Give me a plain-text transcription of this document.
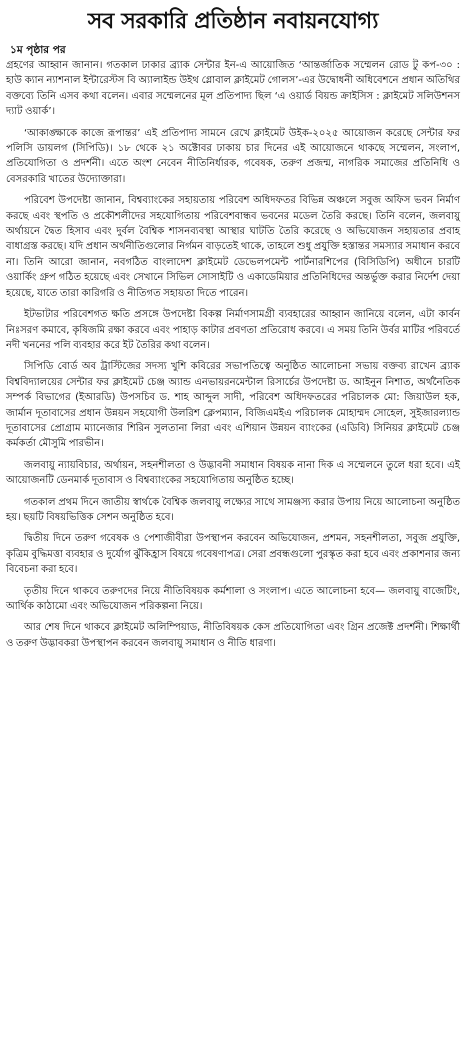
সব সরকারি প্রতিষ্ঠান নবায়নযোগ্য
১ম পৃষ্ঠার পর

গ্রহণের আহ্বান জানান। গতকাল ঢাকার ব্র্যাক সেন্টার ইন-এ আয়োজিত ‘আন্তর্জাতিক সম্মেলন রোড টু কপ-৩০ : হাউ ক্যান ন্যাশনাল ইন্টারেস্টস বি অ্যালাইন্ড উইথ গ্লোবাল ক্লাইমেট গোলস’-এর উদ্বোধনী অধিবেশনে প্রধান অতিথির বক্তব্যে তিনি এসব কথা বলেন। এবার সম্মেলনের মূল প্রতিপাদ্য ছিল ‘এ ওয়ার্ড বিয়ন্ড ক্রাইসিস : ক্লাইমেট সলিউশনস দ্যাট ওয়ার্ক’।

‘আকাঙ্ক্ষাকে কাজে রূপান্তর’ এই প্রতিপাদ্য সামনে রেখে ক্লাইমেট উইক-২০২৫ আয়োজন করেছে সেন্টার ফর পলিসি ডায়লগ (সিপিডি)। ১৮ থেকে ২১ অক্টোবর ঢাকায় চার দিনের এই আয়োজনে থাকছে সম্মেলন, সংলাপ, প্রতিযোগিতা ও প্রদর্শনী। এতে অংশ নেবেন নীতিনির্ধারক, গবেষক, তরুণ প্রজন্ম, নাগরিক সমাজের প্রতিনিধি ও বেসরকারি খাতের উদ্যোক্তারা।

পরিবেশ উপদেষ্টা জানান, বিশ্বব্যাংকের সহায়তায় পরিবেশ অধিদফতর বিভিন্ন অঞ্চলে সবুজ অফিস ভবন নির্মাণ করছে এবং স্থপতি ও প্রকৌশলীদের সহযোগিতায় পরিবেশবান্ধব ভবনের মডেল তৈরি করছে। তিনি বলেন, জলবায়ু অর্থায়নে দ্বৈত হিসাব এবং দুর্বল বৈশ্বিক শাসনব্যবস্থা আস্থার ঘাটতি তৈরি করেছে ও অভিযোজন সহায়তার প্রবাহ বাধাগ্রস্ত করছে। যদি প্রধান অর্থনীতিগুলোর নির্গমন বাড়তেই থাকে, তাহলে শুধু প্রযুক্তি হস্তান্তর সমস্যার সমাধান করবে না। তিনি আরো জানান, নবগঠিত বাংলাদেশ ক্লাইমেট ডেভেলপমেন্ট পার্টনারশিপের (বিসিডিপি) অধীনে চারটি ওয়ার্কিং গ্রুপ গঠিত হয়েছে এবং সেখানে সিভিল সোসাইটি ও একাডেমিয়ার প্রতিনিধিদের অন্তর্ভুক্ত করার নির্দেশ দেয়া হয়েছে, যাতে তারা কারিগরি ও নীতিগত সহায়তা দিতে পারেন।

ইটভাটার পরিবেশগত ক্ষতি প্রসঙ্গে উপদেষ্টা বিকল্প নির্মাণসামগ্রী ব্যবহারের আহ্বান জানিয়ে বলেন, এটা কার্বন নিঃসরণ কমাবে, কৃষিজমি রক্ষা করবে এবং পাহাড় কাটার প্রবণতা প্রতিরোধ করবে। এ সময় তিনি উর্বর মাটির পরিবর্তে নদী খননের পলি ব্যবহার করে ইট তৈরির কথা বলেন।

সিপিডি বোর্ড অব ট্রাস্টিজের সদস্য খুশি কবিরের সভাপতিত্বে অনুষ্ঠিত আলোচনা সভায় বক্তব্য রাখেন ব্র্যাক বিশ্ববিদ্যালয়ের সেন্টার ফর ক্লাইমেট চেঞ্জ অ্যান্ড এনভায়রনমেন্টাল রিসার্চের উপদেষ্টা ড. আইনুন নিশাত, অর্থনৈতিক সম্পর্ক বিভাগের (ইআরডি) উপসচিব ড. শাহ আব্দুল সাদী, পরিবেশ অধিদফতরের পরিচালক মো: জিয়াউল হক, জার্মান দূতাবাসের প্রধান উন্নয়ন সহযোগী উলরিশ ক্লেপম্যান, বিজিএমইএ পরিচালক মোহাম্মদ সোহেল, সুইজারল্যান্ড দূতাবাসের প্রোগ্রাম ম্যানেজার শিরিন সুলতানা লিরা এবং এশিয়ান উন্নয়ন ব্যাংকের (এডিবি) সিনিয়র ক্লাইমেট চেঞ্জ কর্মকর্তা মৌসুমি পারভীন।

জলবায়ু ন্যায়বিচার, অর্থায়ন, সহনশীলতা ও উদ্ভাবনী সমাধান বিষয়ক নানা দিক এ সম্মেলনে তুলে ধরা হবে। এই আয়োজনটি ডেনমার্ক দূতাবাস ও বিশ্বব্যাংকের সহযোগিতায় অনুষ্ঠিত হচ্ছে।

গতকাল প্রথম দিনে জাতীয় স্বার্থকে বৈশ্বিক জলবায়ু লক্ষ্যের সাথে সামঞ্জস্য করার উপায় নিয়ে আলোচনা অনুষ্ঠিত হয়। ছয়টি বিষয়ভিত্তিক সেশন অনুষ্ঠিত হবে।

দ্বিতীয় দিনে তরুণ গবেষক ও পেশাজীবীরা উপস্থাপন করবেন অভিযোজন, প্রশমন, সহনশীলতা, সবুজ প্রযুক্তি, কৃত্রিম বুদ্ধিমত্তা ব্যবহার ও দুর্যোগ ঝুঁকিহ্রাস বিষয়ে গবেষণাপত্র। সেরা প্রবন্ধগুলো পুরস্কৃত করা হবে এবং প্রকাশনার জন্য বিবেচনা করা হবে।

তৃতীয় দিনে থাকবে তরুণদের নিয়ে নীতিবিষয়ক কর্মশালা ও সংলাপ। এতে আলোচনা হবে— জলবায়ু বাজেটিং, আর্থিক কাঠামো এবং অভিযোজন পরিকল্পনা নিয়ে।

আর শেষ দিনে থাকবে ক্লাইমেট অলিম্পিয়াড, নীতিবিষয়ক কেস প্রতিযোগিতা এবং গ্রিন প্রজেক্ট প্রদর্শনী। শিক্ষার্থী ও তরুণ উদ্ভাবকরা উপস্থাপন করবেন জলবায়ু সমাধান ও নীতি ধারণা।
